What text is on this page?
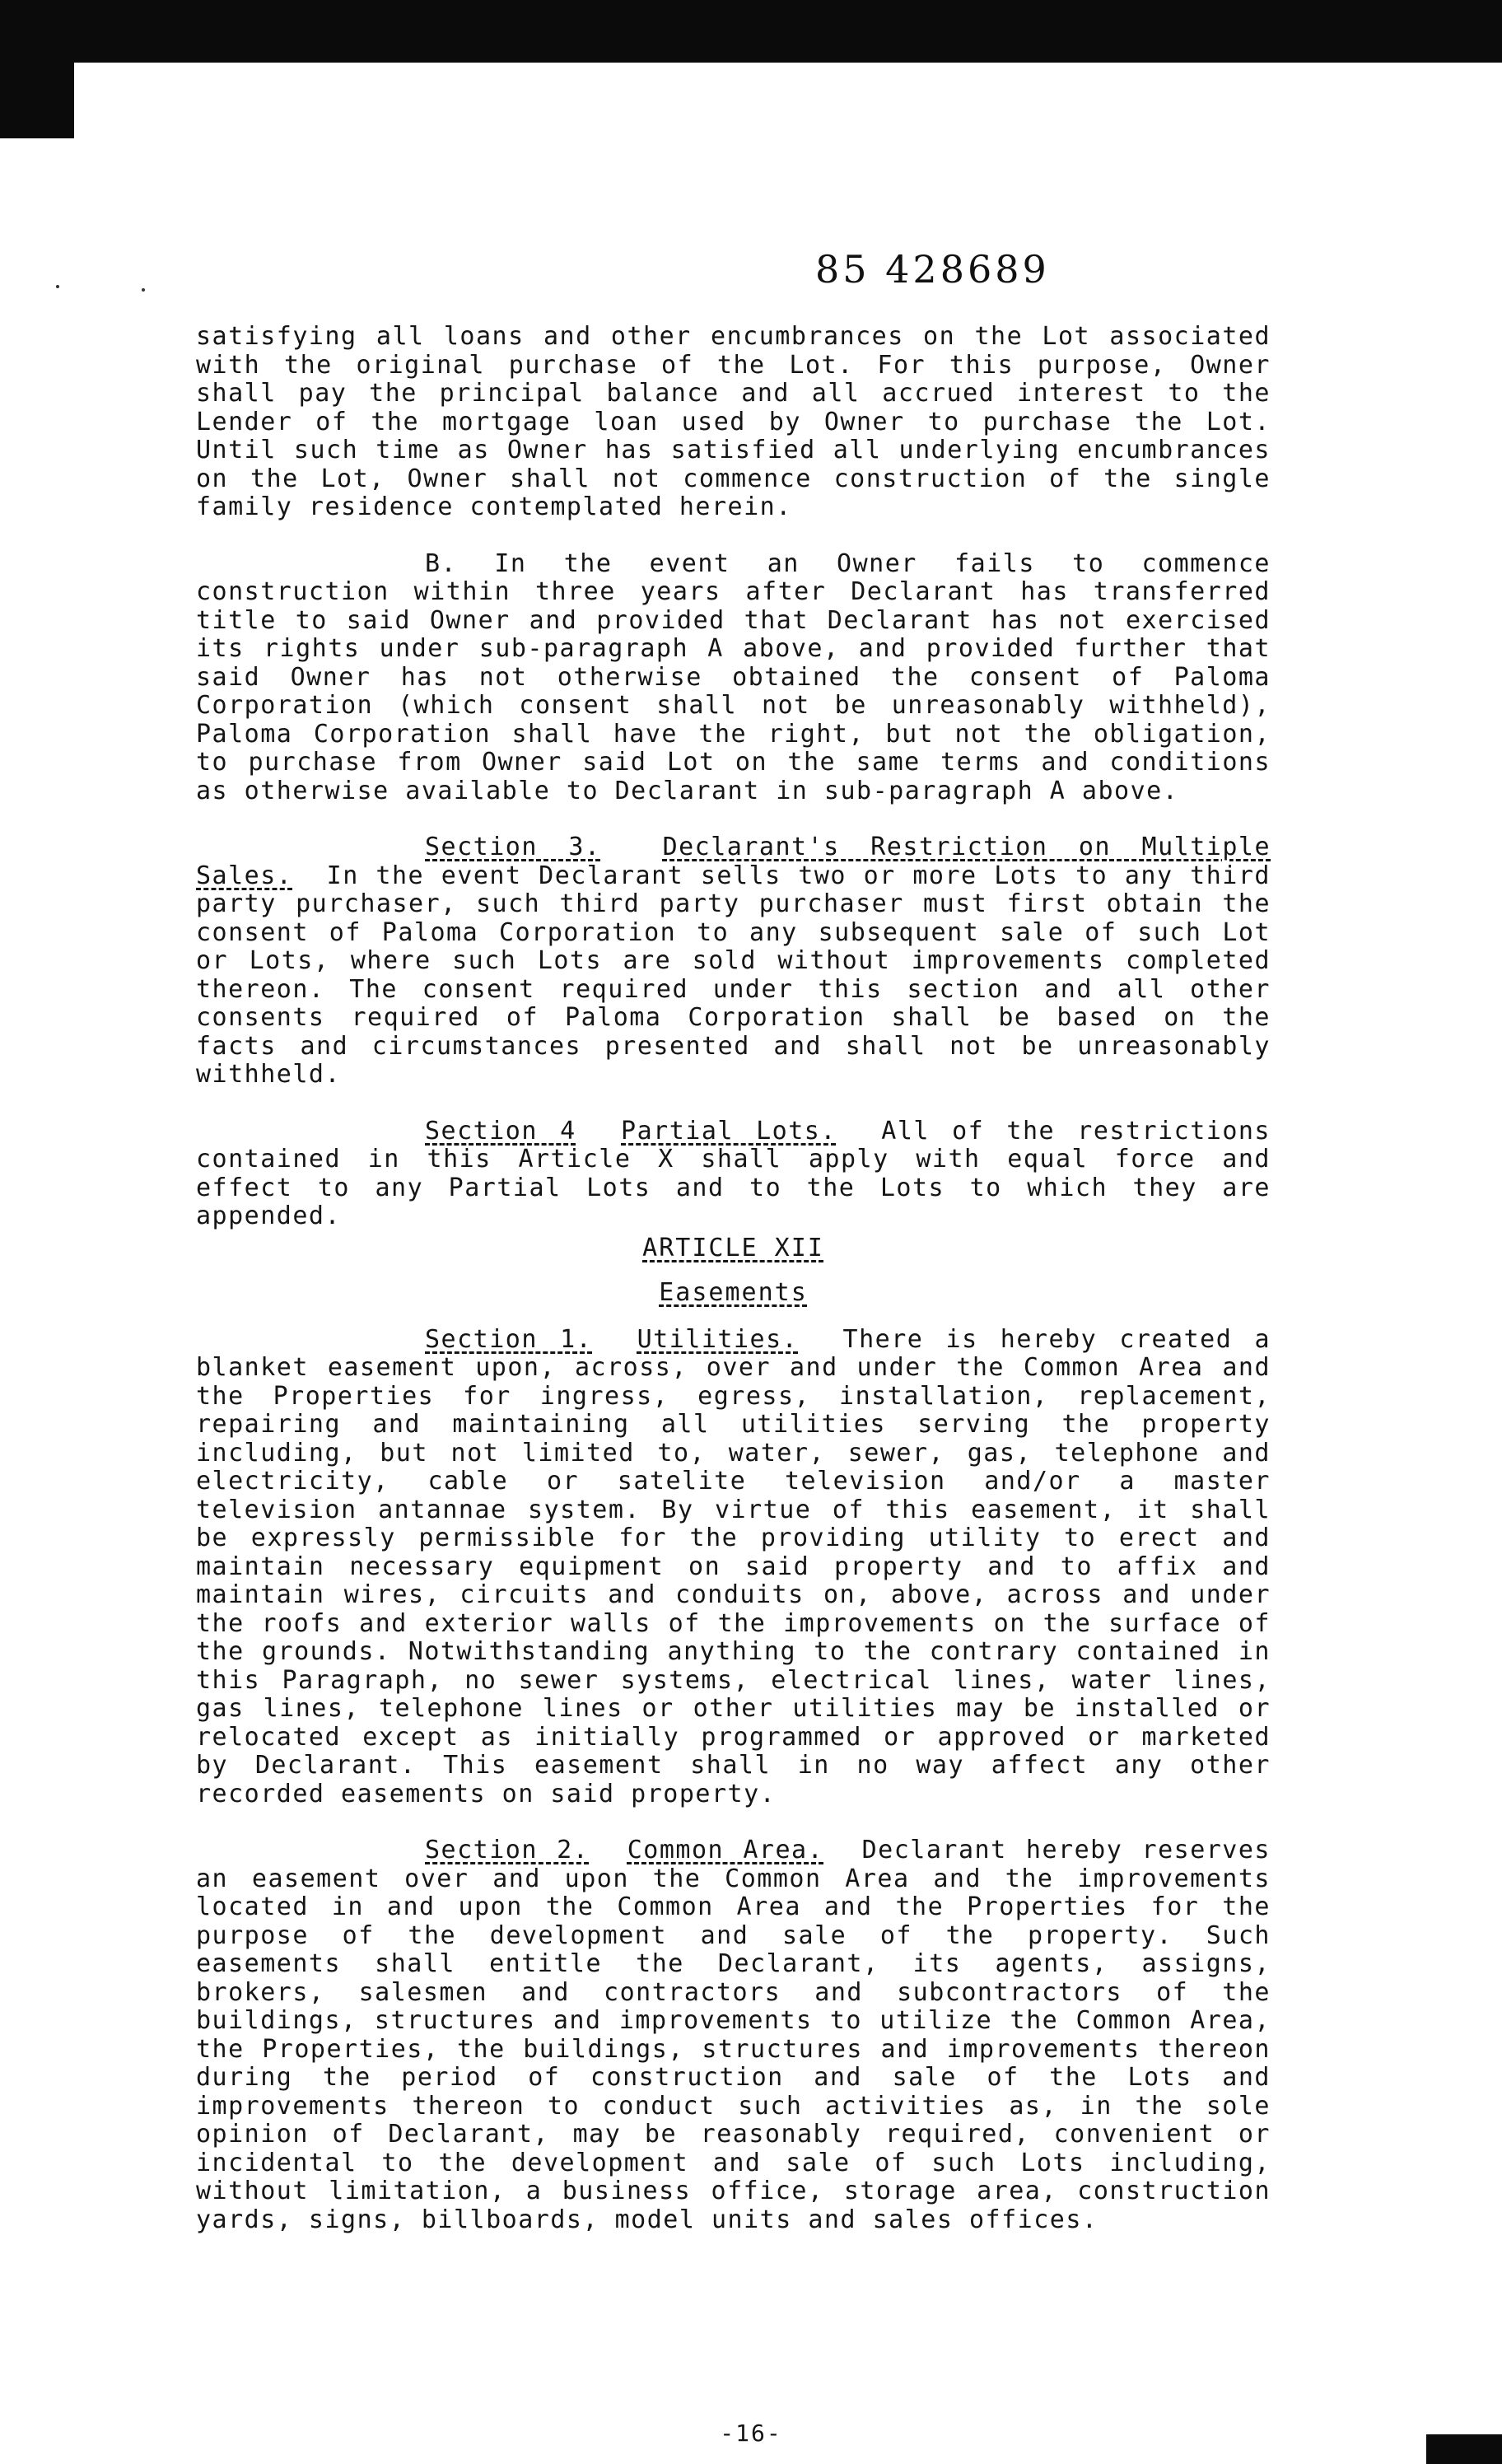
85 428689

satisfying all loans and other encumbrances on the Lot associated with the original purchase of the Lot. For this purpose, Owner shall pay the principal balance and all accrued interest to the Lender of the mortgage loan used by Owner to purchase the Lot. Until such time as Owner has satisfied all underlying encumbrances on the Lot, Owner shall not commence construction of the single family residence contemplated herein.

B. In the event an Owner fails to commence construction within three years after Declarant has transferred title to said Owner and provided that Declarant has not exercised its rights under sub-paragraph A above, and provided further that said Owner has not otherwise obtained the consent of Paloma Corporation (which consent shall not be unreasonably withheld), Paloma Corporation shall have the right, but not the obligation, to purchase from Owner said Lot on the same terms and conditions as otherwise available to Declarant in sub-paragraph A above.

Section 3.	Declarant's Restriction on Multiple Sales. In the event Declarant sells two or more Lots to any third party purchaser, such third party purchaser must first obtain the consent of Paloma Corporation to any subsequent sale of such Lot or Lots, where such Lots are sold without improvements completed thereon. The consent required under this section and all other consents required of Paloma Corporation shall be based on the facts and circumstances presented and shall not be unreasonably withheld.

Section 4 Partial Lots. All of the restrictions contained in this Article X shall apply with equal force and effect to any Partial Lots and to the Lots to which they are appended.

ARTICLE XII

Easements

Section 1. Utilities. There is hereby created a blanket easement upon, across, over and under the Common Area and the Properties for ingress, egress, installation, replacement, repairing and maintaining all utilities serving the property including, but not limited to, water, sewer, gas, telephone and electricity, cable or satelite television and/or a master television antannae system. By virtue of this easement, it shall be expressly permissible for the providing utility to erect and maintain necessary equipment on said property and to affix and maintain wires, circuits and conduits on, above, across and under the roofs and exterior walls of the improvements on the surface of the grounds. Notwithstanding anything to the contrary contained in this Paragraph, no sewer systems, electrical lines, water lines, gas lines, telephone lines or other utilities may be installed or relocated except as initially programmed or approved or marketed by Declarant. This easement shall in no way affect any other recorded easements on said property.

Section 2. Common Area. Declarant hereby reserves an easement over and upon the Common Area and the improvements located in and upon the Common Area and the Properties for the purpose of the development and sale of the property. Such easements shall entitle the Declarant, its agents, assigns, brokers, salesmen and contractors and subcontractors of the buildings, structures and improvements to utilize the Common Area, the Properties, the buildings, structures and improvements thereon during the period of construction and sale of the Lots and improvements thereon to conduct such activities as, in the sole opinion of Declarant, may be reasonably required, convenient or incidental to the development and sale of such Lots including, without limitation, a business office, storage area, construction yards, signs, billboards, model units and sales offices.

-16-
